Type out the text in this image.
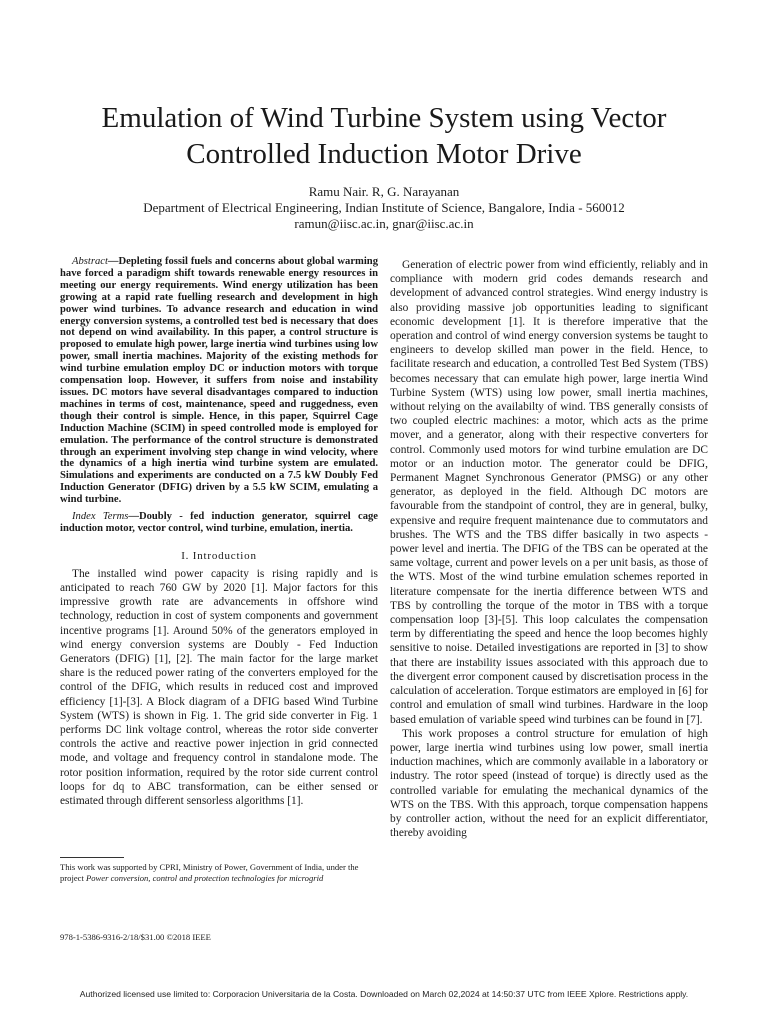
Emulation of Wind Turbine System using Vector
Controlled Induction Motor Drive
Ramu Nair. R, G. Narayanan
Department of Electrical Engineering, Indian Institute of Science, Bangalore, India - 560012
ramun@iisc.ac.in, gnar@iisc.ac.in

Abstract—Depleting fossil fuels and concerns about global warming have forced a paradigm shift towards renewable energy resources in meeting our energy requirements. Wind energy utilization has been growing at a rapid rate fuelling research and development in high power wind turbines. To advance research and education in wind energy conversion systems, a controlled test bed is necessary that does not depend on wind availability. In this paper, a control structure is proposed to emulate high power, large inertia wind turbines using low power, small inertia machines. Majority of the existing methods for wind turbine emulation employ DC or induction motors with torque compensation loop. However, it suffers from noise and instability issues. DC motors have several disadvantages compared to induction machines in terms of cost, maintenance, speed and ruggedness, even though their control is simple. Hence, in this paper, Squirrel Cage Induction Machine (SCIM) in speed controlled mode is employed for emulation. The performance of the control structure is demonstrated through an experiment involving step change in wind velocity, where the dynamics of a high inertia wind turbine system are emulated. Simulations and experiments are conducted on a 7.5 kW Doubly Fed Induction Generator (DFIG) driven by a 5.5 kW SCIM, emulating a wind turbine.

Index Terms—Doubly - fed induction generator, squirrel cage induction motor, vector control, wind turbine, emulation, inertia.

I. Introduction

The installed wind power capacity is rising rapidly and is anticipated to reach 760 GW by 2020 [1]. Major factors for this impressive growth rate are advancements in offshore wind technology, reduction in cost of system components and government incentive programs [1]. Around 50% of the generators employed in wind energy conversion systems are Doubly - Fed Induction Generators (DFIG) [1], [2]. The main factor for the large market share is the reduced power rating of the converters employed for the control of the DFIG, which results in reduced cost and improved efficiency [1]-[3]. A Block diagram of a DFIG based Wind Turbine System (WTS) is shown in Fig. 1. The grid side converter in Fig. 1 performs DC link voltage control, whereas the rotor side converter controls the active and reactive power injection in grid connected mode, and voltage and frequency control in standalone mode. The rotor position information, required by the rotor side current control loops for dq to ABC transformation, can be either sensed or estimated through different sensorless algorithms [1].

Generation of electric power from wind efficiently, reliably and in compliance with modern grid codes demands research and development of advanced control strategies. Wind energy industry is also providing massive job opportunities leading to significant economic development [1]. It is therefore imperative that the operation and control of wind energy conversion systems be taught to engineers to develop skilled man power in the field. Hence, to facilitate research and education, a controlled Test Bed System (TBS) becomes necessary that can emulate high power, large inertia Wind Turbine System (WTS) using low power, small inertia machines, without relying on the availabilty of wind. TBS generally consists of two coupled electric machines: a motor, which acts as the prime mover, and a generator, along with their respective converters for control. Commonly used motors for wind turbine emulation are DC motor or an induction motor. The generator could be DFIG, Permanent Magnet Synchronous Generator (PMSG) or any other generator, as deployed in the field. Although DC motors are favourable from the standpoint of control, they are in general, bulky, expensive and require frequent maintenance due to commutators and brushes. The WTS and the TBS differ basically in two aspects - power level and inertia. The DFIG of the TBS can be operated at the same voltage, current and power levels on a per unit basis, as those of the WTS. Most of the wind turbine emulation schemes reported in literature compensate for the inertia difference between WTS and TBS by controlling the torque of the motor in TBS with a torque compensation loop [3]-[5]. This loop calculates the compensation term by differentiating the speed and hence the loop becomes highly sensitive to noise. Detailed investigations are reported in [3] to show that there are instability issues associated with this approach due to the divergent error component caused by discretisation process in the calculation of acceleration. Torque estimators are employed in [6] for control and emulation of small wind turbines. Hardware in the loop based emulation of variable speed wind turbines can be found in [7].

This work proposes a control structure for emulation of high power, large inertia wind turbines using low power, small inertia induction machines, which are commonly available in a laboratory or industry. The rotor speed (instead of torque) is directly used as the controlled variable for emulating the mechanical dynamics of the WTS on the TBS. With this approach, torque compensation happens by controller action, without the need for an explicit differentiator, thereby avoiding

This work was supported by CPRI, Ministry of Power, Government of India, under the project Power conversion, control and protection technologies for microgrid
978-1-5386-9316-2/18/$31.00 ©2018 IEEE
Authorized licensed use limited to: Corporacion Universitaria de la Costa. Downloaded on March 02,2024 at 14:50:37 UTC from IEEE Xplore. Restrictions apply.
